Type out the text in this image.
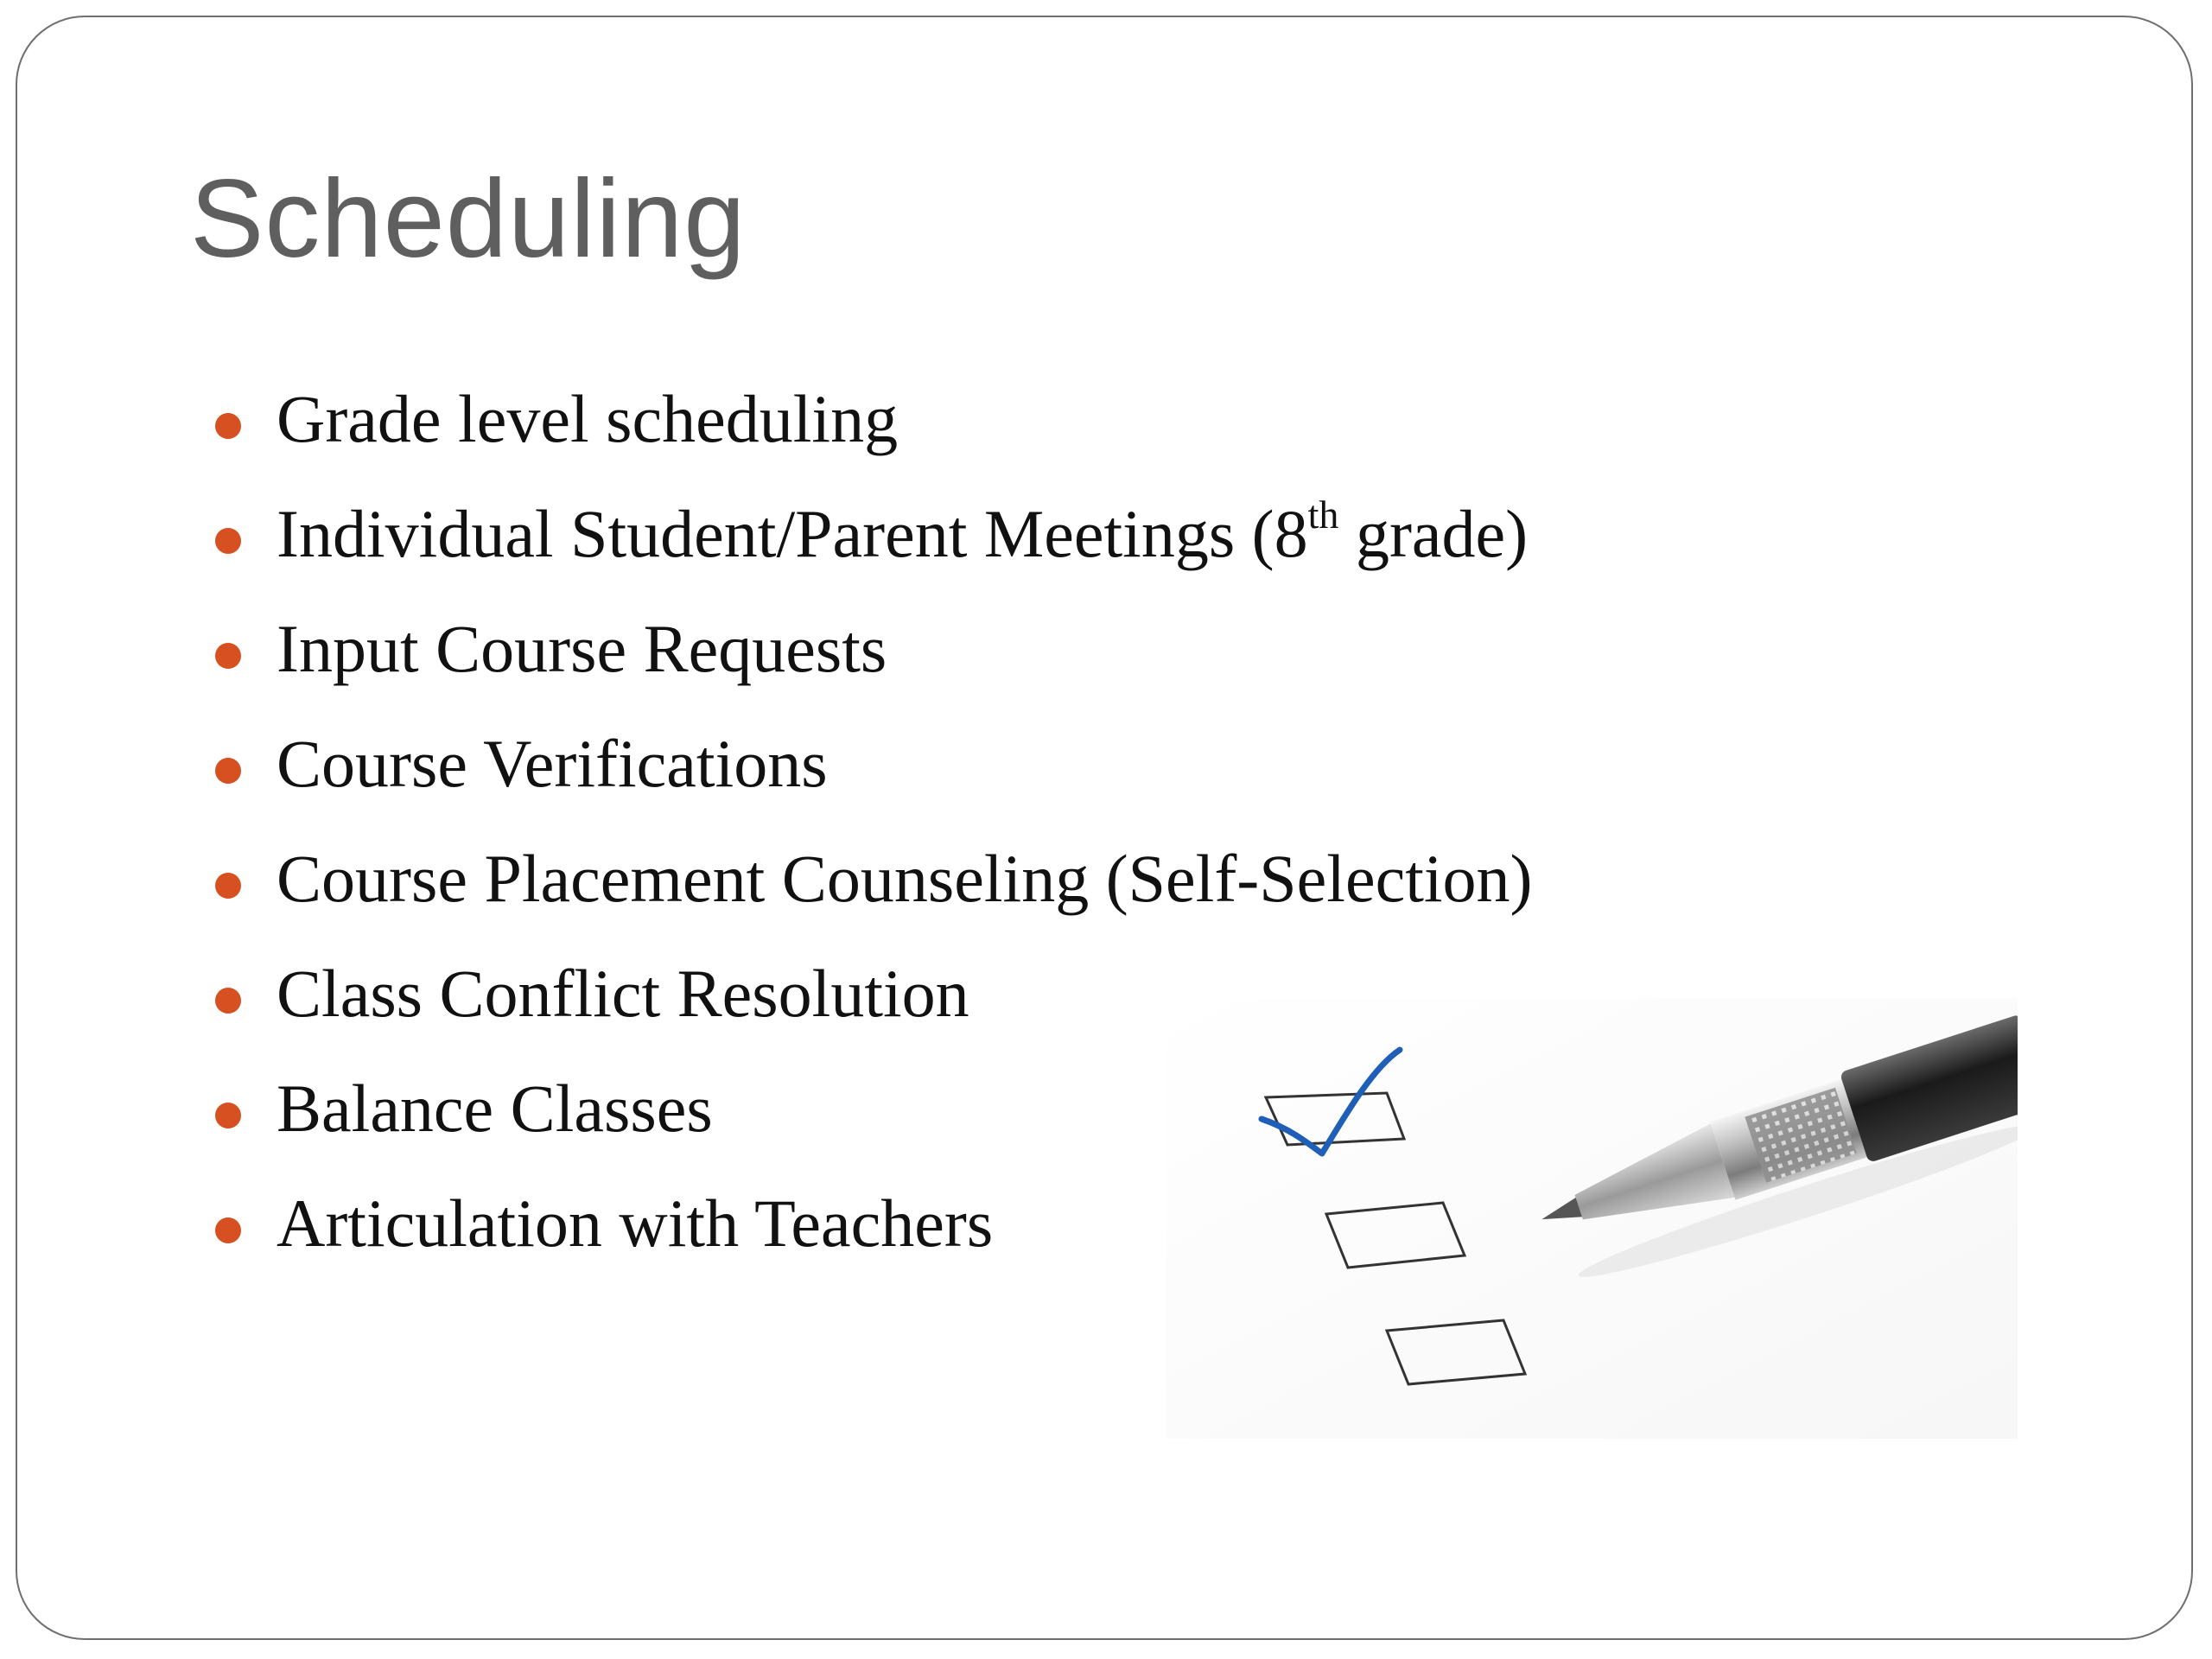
Scheduling
Grade level scheduling
Individual Student/Parent Meetings (8th grade)
Input Course Requests
Course Verifications
Course Placement Counseling (Self-Selection)
Class Conflict Resolution
Balance Classes
Articulation with Teachers
